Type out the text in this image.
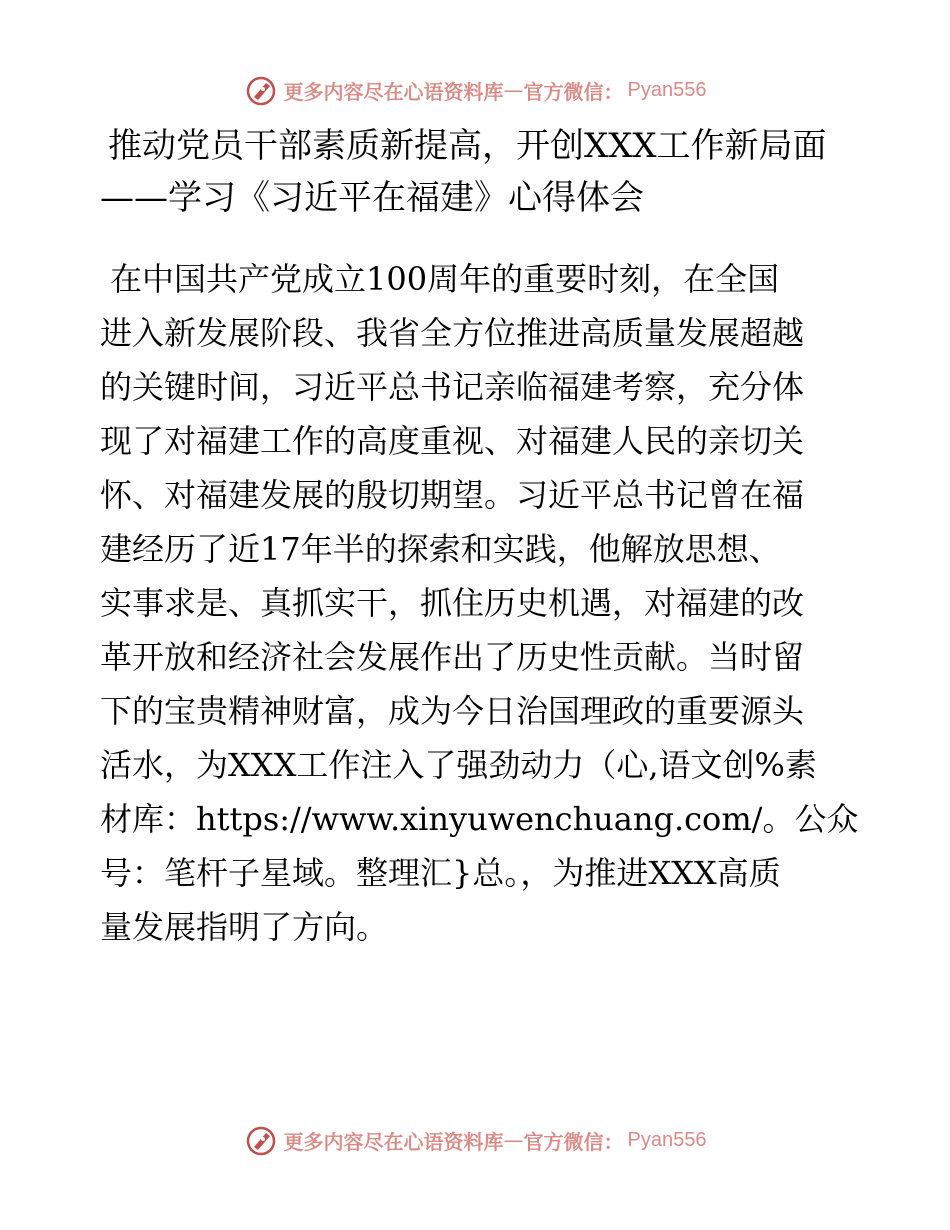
更多内容尽在心语资料库 — 官方微信： Pyan556
推动党员干部素质新提高，开创XXX工作新局面
——学习《习近平在福建》心得体会
在中国共产党成立100周年的重要时刻，在全国
进入新发展阶段、我省全方位推进高质量发展超越
的关键时间，习近平总书记亲临福建考察，充分体
现了对福建工作的高度重视、对福建人民的亲切关
怀、对福建发展的殷切期望。习近平总书记曾在福
建经历了近17年半的探索和实践，他解放思想、
实事求是、真抓实干，抓住历史机遇，对福建的改
革开放和经济社会发展作出了历史性贡献。当时留
下的宝贵精神财富，成为今日治国理政的重要源头
活水，为XXX工作注入了强劲动力（心,语文创%素
材库：https://www.xinyuwenchuang.com/。公众
号：笔杆子星域。整理汇}总。，为推进XXX高质
量发展指明了方向。
更多内容尽在心语资料库 — 官方微信： Pyan556
